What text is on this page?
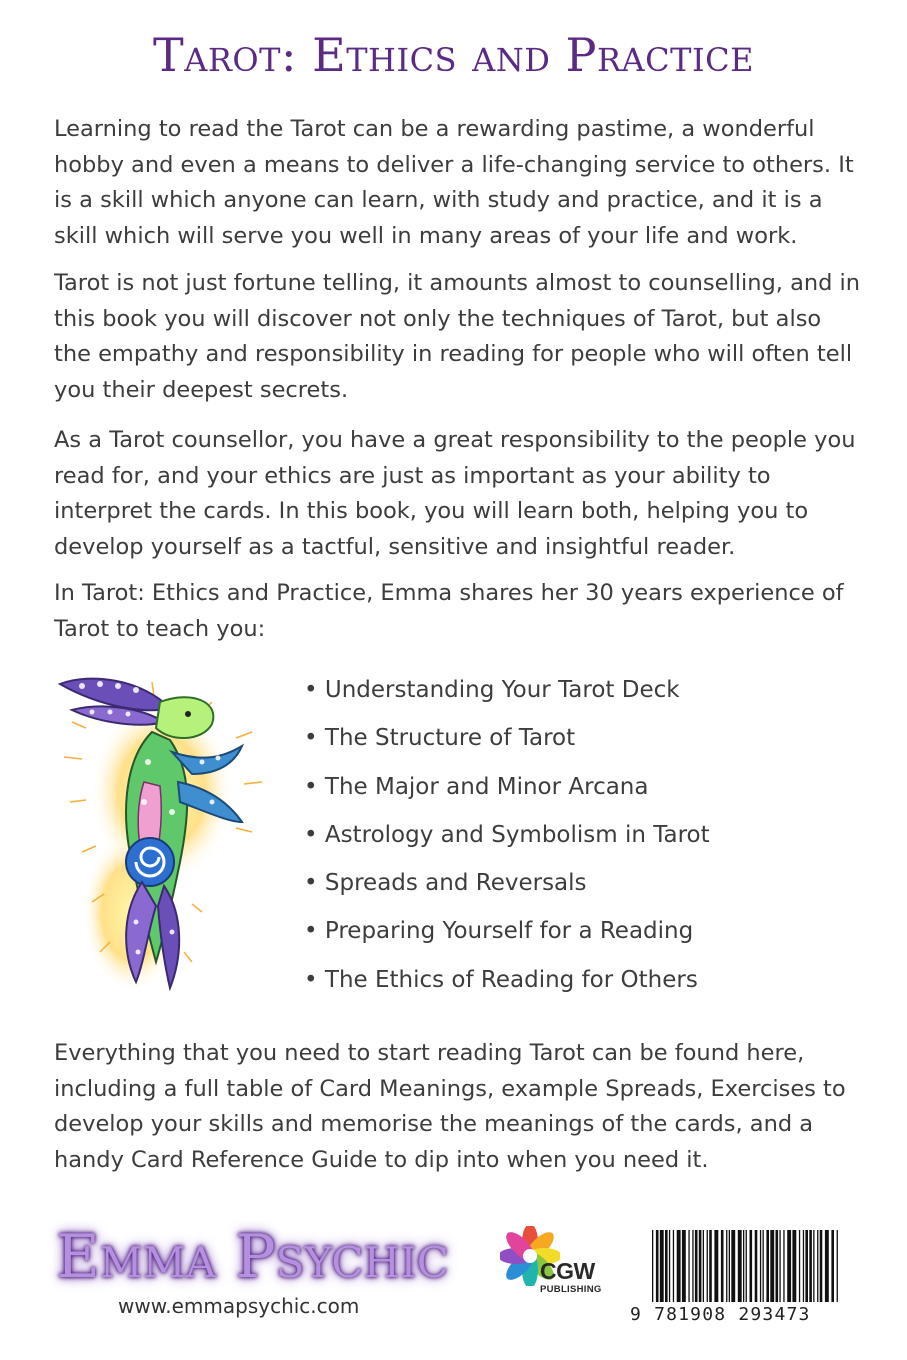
Tarot: Ethics and Practice

Learning to read the Tarot can be a rewarding pastime, a wonderful hobby and even a means to deliver a life-changing service to others. It is a skill which anyone can learn, with study and practice, and it is a skill which will serve you well in many areas of your life and work.

Tarot is not just fortune telling, it amounts almost to counselling, and in this book you will discover not only the techniques of Tarot, but also the empathy and responsibility in reading for people who will often tell you their deepest secrets.

As a Tarot counsellor, you have a great responsibility to the people you read for, and your ethics are just as important as your ability to interpret the cards. In this book, you will learn both, helping you to develop yourself as a tactful, sensitive and insightful reader.

In Tarot: Ethics and Practice, Emma shares her 30 years experience of Tarot to teach you:

• Understanding Your Tarot Deck
• The Structure of Tarot
• The Major and Minor Arcana
• Astrology and Symbolism in Tarot
• Spreads and Reversals
• Preparing Yourself for a Reading
• The Ethics of Reading for Others

Everything that you need to start reading Tarot can be found here, including a full table of Card Meanings, example Spreads, Exercises to develop your skills and memorise the meanings of the cards, and a handy Card Reference Guide to dip into when you need it.

Emma Psychic
www.emmapsychic.com
CGW
PUBLISHING
9 781908 293473
